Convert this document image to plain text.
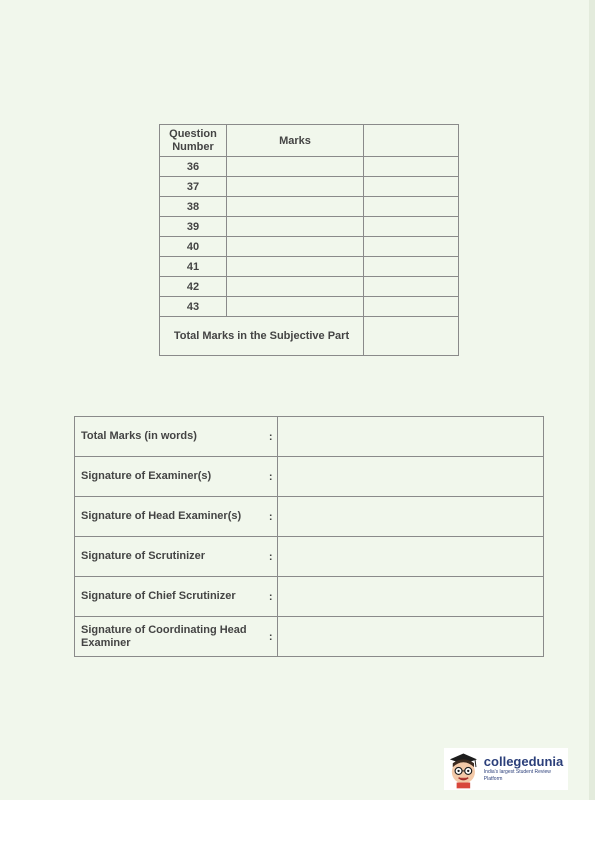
Question Number	Marks	
36		
37		
38		
39		
40		
41		
42		
43		
Total Marks in the Subjective Part		
Total Marks (in words)	:	
Signature of Examiner(s)	:	
Signature of Head Examiner(s)	:	
Signature of Scrutinizer	:	
Signature of Chief Scrutinizer	:	
Signature of Coordinating Head Examiner	:	
collegedunia
India's largest Student Review Platform
